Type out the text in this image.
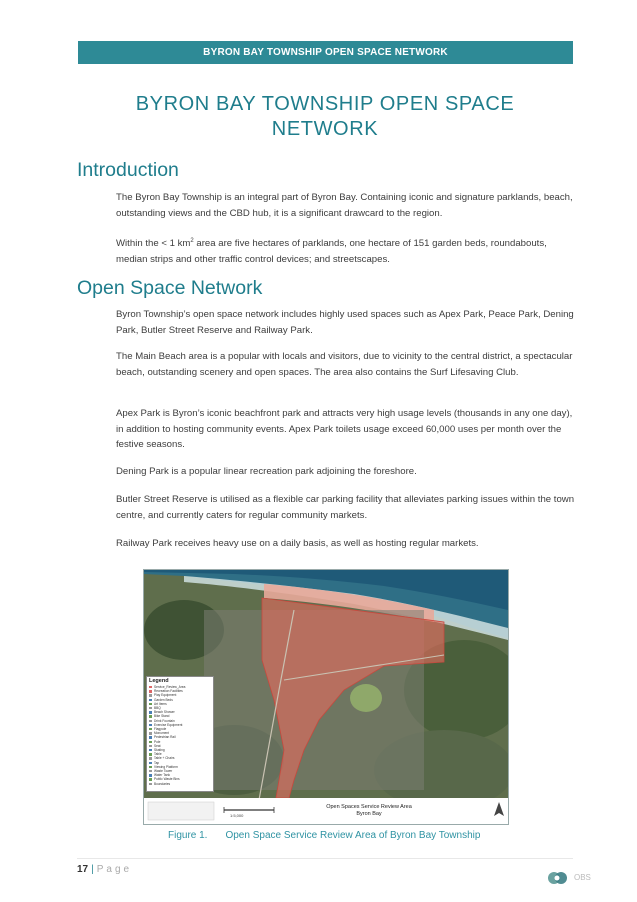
BYRON BAY TOWNSHIP OPEN SPACE NETWORK
BYRON BAY TOWNSHIP OPEN SPACE
NETWORK
Introduction
The Byron Bay Township is an integral part of Byron Bay. Containing iconic and signature parklands, beach, outstanding views and the CBD hub, it is a significant drawcard to the region.
Within the < 1 $km^2$ area are five hectares of parklands, one hectare of 151 garden beds, roundabouts, median strips and other traffic control devices; and streetscapes.
Open Space Network
Byron Township’s open space network includes highly used spaces such as Apex Park, Peace Park, Dening Park, Butler Street Reserve and Railway Park.
The Main Beach area is a popular with locals and visitors, due to vicinity to the central district, a spectacular beach, outstanding scenery and open spaces. The area also contains the Surf Lifesaving Club.
Apex Park is Byron’s iconic beachfront park and attracts very high usage levels (thousands in any one day), in addition to hosting community events. Apex Park toilets usage exceed 60,000 uses per month over the festive seasons.
Dening Park is a popular linear recreation park adjoining the foreshore.
Butler Street Reserve is utilised as a flexible car parking facility that alleviates parking issues within the town centre, and currently caters for regular community markets.
Railway Park receives heavy use on a daily basis, as well as hosting regular markets.
Legend
Service_Review_Area
Recreation Facilities
Play Equipment
Garden Beds
Art Items
BBQ
Beach Shower
Bike Stand
Drink Fountain
Exercise Equipment
Flagpole
Monument
Pedestrian Rail
Pole
Seat
Skating
Table
Table + Chairs
Tap
Viewing Platform
Waste Tower
Water Tank
Public Waste Bins
Boundaries
1:5,000
Open Spaces Service Review Area
Byron Bay
Figure 1. Open Space Service Review Area of Byron Bay Township
17 | Page
OBS
